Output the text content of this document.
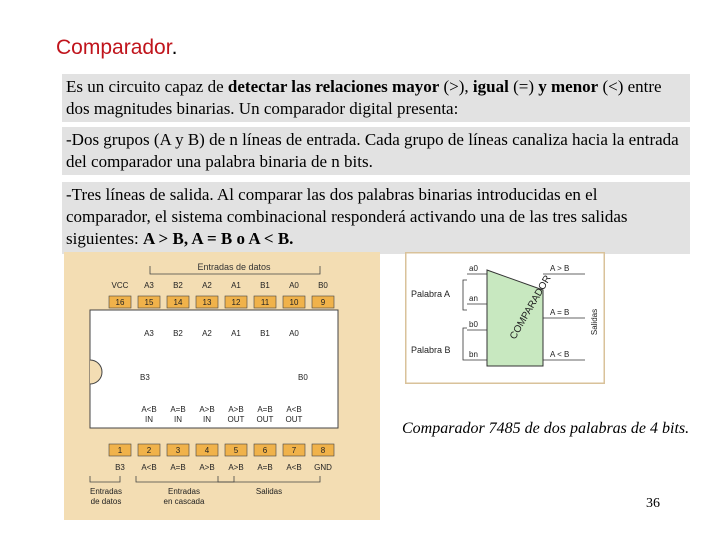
Comparador.
Es un circuito capaz de detectar las relaciones mayor (>), igual (=) y menor (<) entre dos magnitudes binarias. Un comparador digital presenta:
-Dos grupos (A y B) de n líneas de entrada. Cada grupo de líneas canaliza hacia la entrada del comparador una palabra binaria de n bits.
-Tres líneas de salida. Al comparar las dos palabras binarias introducidas en el comparador, el sistema combinacional responderá activando una de las tres salidas siguientes: A > B, A = B o A < B.
Entradas de datos
VCC A3 B2 A2 A1 B1 A0 B0
16	15	14	13	12	11	10	9
A3 B2 A2 A1 B1 A0
B3	B0
A<B
IN
A=B
IN
A>B
IN
A>B
OUT
A=B
OUT
A<B
OUT
1	2	3	4	5	6	7	8
B3 A<B A=B A>B A>B A=B A<B GND
Entradas
de datos
Entradas
en cascada
Salidas
a0
an
b0
bn
Palabra A
Palabra B
COMPARADOR
A > B
A = B
A < B
Salidas
Comparador 7485 de dos palabras de 4 bits.
36
